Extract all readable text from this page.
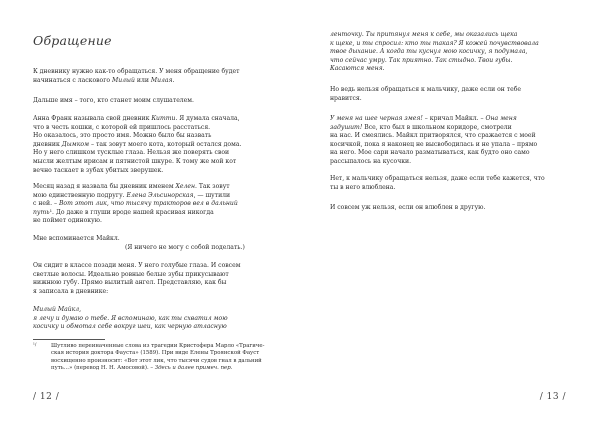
Обращение
К дневнику нужно как-то обращаться. У меня обращение будет
начинаться с ласкового Милый или Милая.
Дальше имя – того, кто станет моим слушателем.
Анна Франк называла свой дневник Китти. Я думала сначала,
что в честь кошки, с которой ей пришлось расстаться.
Но оказалось, это просто имя. Можно было бы назвать
дневник Дымком – так зовут моего кота, который остался дома.
Но у него слишком тусклые глаза. Нельзя же поверять свои
мысли желтым ирисам и пятнистой шкуре. К тому же мой кот
вечно таскает в зубах убитых зверушек.
Месяц назад я назвала бы дневник именем Хелен. Так зовут
мою единственную подругу. Елена Эльсинорская, — шутили
с ней. – Вот этот лик, что тысячу тракторов вел в дальний
путь¹. До даже в глуши вроде нашей красивая никогда
не поймет одинокую.
Мне вспоминается Майкл.
(Я ничего не могу с собой поделать.)
Он сидит в классе позади меня. У него голубые глаза. И совсем
светлые волосы. Идеально ровные белые зубы прикусывают
нижнюю губу. Прямо вылитый ангел. Представляю, как бы
я записала в дневнике:
Милый Майкл,
я лечу и думаю о тебе. Я вспоминаю, как ты схватил мою
косичку и обмотал себе вокруг шеи, как черную атласную
¹/	Шутливо переиначенные слова из трагедии Кристофера Марло «Трагиче-
ская история доктора Фауста» (1589). При виде Елены Троянской Фауст
восхищенно произносит: «Вот этот лик, что тысячи судов гнал в дальний
путь…» (перевод Н. Н. Амосовой). – Здесь и далее примеч. пер.
/ 12 /
ленточку. Ты притянул меня к себе, мы оказались щека
к щеке, и ты спросил: кто ты такая? Я кожей почувствовала
твое дыхание. А когда ты куснул мою косичку, я подумала,
что сейчас умру. Так приятно. Так стыдно. Твои губы.
Касаются меня.
Но ведь нельзя обращаться к мальчику, даже если он тебе
нравится.
У меня на шее черная змея! – кричал Майкл. – Она меня
задушит! Все, кто был в школьном коридоре, смотрели
на нас. И смеялись. Майкл притворялся, что сражается с моей
косичкой, пока я наконец не высвободилась и не упала – прямо
на него. Мое сари начало разматываться, как будто оно само
рассыпалось на кусочки.
Нет, к мальчику обращаться нельзя, даже если тебе кажется, что
ты в него влюблена.
И совсем уж нельзя, если он влюблен в другую.
/ 13 /
